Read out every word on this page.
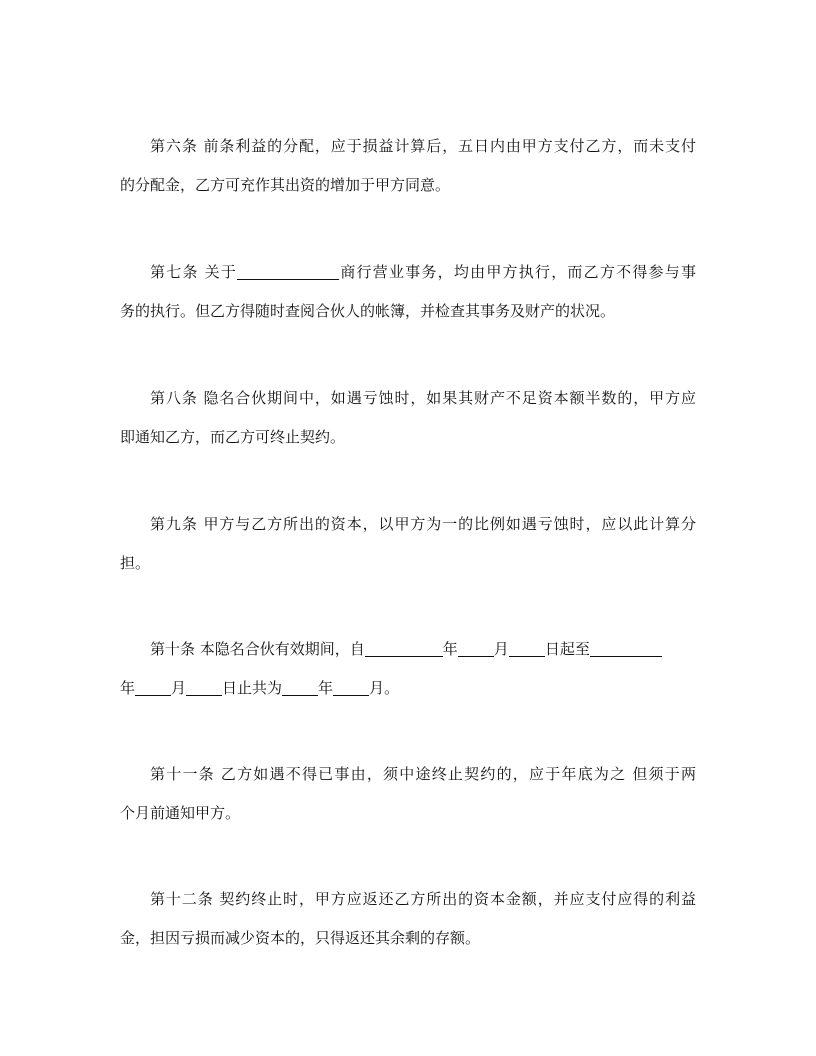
第六条 前条利益的分配，应于损益计算后，五日内由甲方支付乙方，而未支付
的分配金，乙方可充作其出资的增加于甲方同意。
第七条 关于	商行营业事务，均由甲方执行，而乙方不得参与事
务的执行。但乙方得随时查阅合伙人的帐簿，并检查其事务及财产的状况。
第八条 隐名合伙期间中，如遇亏蚀时，如果其财产不足资本额半数的，甲方应
即通知乙方，而乙方可终止契约。
第九条 甲方与乙方所出的资本，以甲方为一的比例如遇亏蚀时，应以此计算分
担。
第十条 本隐名合伙有效期间，自	年 月 日起至
年 月 日止共为 年 月。
第十一条 乙方如遇不得已事由，须中途终止契约的，应于年底为之 但须于两
个月前通知甲方。
第十二条 契约终止时，甲方应返还乙方所出的资本金额，并应支付应得的利益
金，担因亏损而减少资本的，只得返还其余剩的存额。
